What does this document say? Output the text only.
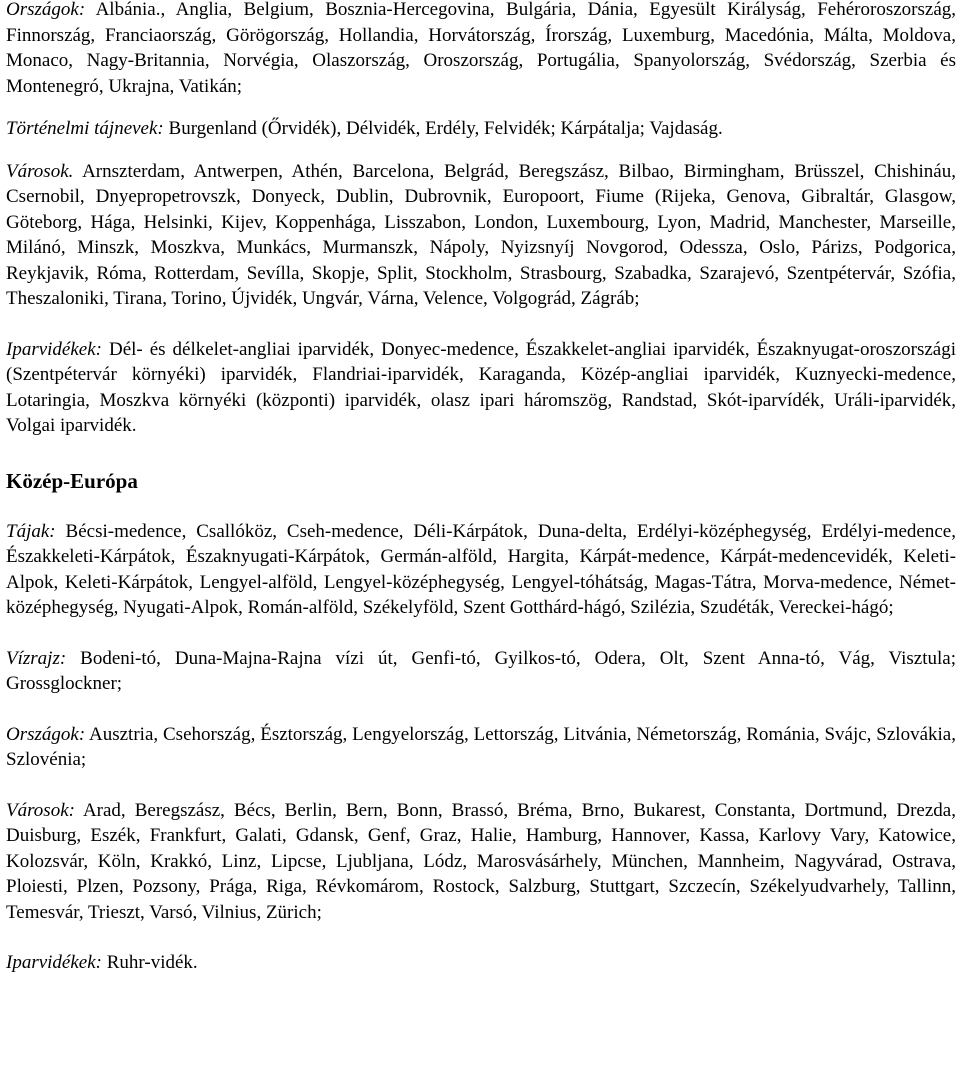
Országok: Albánia., Anglia, Belgium, Bosznia-Hercegovina, Bulgária, Dánia, Egyesült Királyság, Fehéroroszország, Finnország, Franciaország, Görögország, Hollandia, Horvátország, Írország, Luxemburg, Macedónia, Málta, Moldova, Monaco, Nagy-Britannia, Norvégia, Olaszország, Oroszország, Portugália, Spanyolország, Svédország, Szerbia és Montenegró, Ukrajna, Vatikán;

Történelmi tájnevek: Burgenland (Őrvidék), Délvidék, Erdély, Felvidék; Kárpátalja; Vajdaság.

Városok. Arnszterdam, Antwerpen, Athén, Barcelona, Belgrád, Beregszász, Bilbao, Birmingham, Brüsszel, Chishináu, Csernobil, Dnyepropetrovszk, Donyeck, Dublin, Dubrovnik, Europoort, Fiume (Rijeka, Genova, Gibraltár, Glasgow, Göteborg, Hága, Helsinki, Kijev, Koppenhága, Lisszabon, London, Luxembourg, Lyon, Madrid, Manchester, Marseille, Milánó, Minszk, Moszkva, Munkács, Murmanszk, Nápoly, Nyizsnyíj Novgorod, Odessza, Oslo, Párizs, Podgorica, Reykjavik, Róma, Rotterdam, Sevílla, Skopje, Split, Stockholm, Strasbourg, Szabadka, Szarajevó, Szentpétervár, Szófia, Theszaloniki, Tirana, Torino, Újvidék, Ungvár, Várna, Velence, Volgográd, Zágráb;

Iparvidékek: Dél- és délkelet-angliai iparvidék, Donyec-medence, Északkelet-angliai iparvidék, Északnyugat-oroszországi (Szentpétervár környéki) iparvidék, Flandriai-iparvidék, Karaganda, Közép-angliai iparvidék, Kuznyecki-medence, Lotaringia, Moszkva környéki (központi) iparvidék, olasz ipari háromszög, Randstad, Skót-iparvídék, Uráli-iparvidék, Volgai iparvidék.

Közép-Európa

Tájak: Bécsi-medence, Csallóköz, Cseh-medence, Déli-Kárpátok, Duna-delta, Erdélyi-középhegység, Erdélyi-medence, Északkeleti-Kárpátok, Északnyugati-Kárpátok, Germán-alföld, Hargita, Kárpát-medence, Kárpát-medencevidék, Keleti-Alpok, Keleti-Kárpátok, Lengyel-alföld, Lengyel-középhegység, Lengyel-tóhátság, Magas-Tátra, Morva-medence, Német-középhegység, Nyugati-Alpok, Román-alföld, Székelyföld, Szent Gotthárd-hágó, Szilézia, Szudéták, Vereckei-hágó;

Vízrajz: Bodeni-tó, Duna-Majna-Rajna vízi út, Genfi-tó, Gyilkos-tó, Odera, Olt, Szent Anna-tó, Vág, Visztula; Grossglockner;

Országok: Ausztria, Csehország, Észtország, Lengyelország, Lettország, Litvánia, Németország, Románia, Svájc, Szlovákia, Szlovénia;

Városok: Arad, Beregszász, Bécs, Berlin, Bern, Bonn, Brassó, Bréma, Brno, Bukarest, Constanta, Dortmund, Drezda, Duisburg, Eszék, Frankfurt, Galati, Gdansk, Genf, Graz, Halie, Hamburg, Hannover, Kassa, Karlovy Vary, Katowice, Kolozsvár, Köln, Krakkó, Linz, Lipcse, Ljubljana, Lódz, Marosvásárhely, München, Mannheim, Nagyvárad, Ostrava, Ploiesti, Plzen, Pozsony, Prága, Riga, Révkomárom, Rostock, Salzburg, Stuttgart, Szczecín, Székelyudvarhely, Tallinn, Temesvár, Trieszt, Varsó, Vilnius, Zürich;

Iparvidékek: Ruhr-vidék.
